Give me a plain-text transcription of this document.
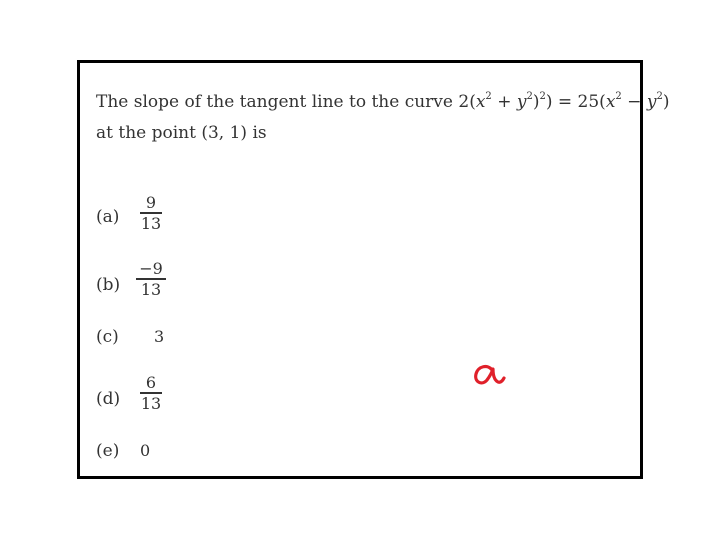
The slope of the tangent line to the curve $2(x^2 + y^2)^2) = 25(x^2 - y^2)$
at the point (3, 1) is
(a)
9
13
(b)
−9
13
(c) 3
(d)
6
13
(e) 0
